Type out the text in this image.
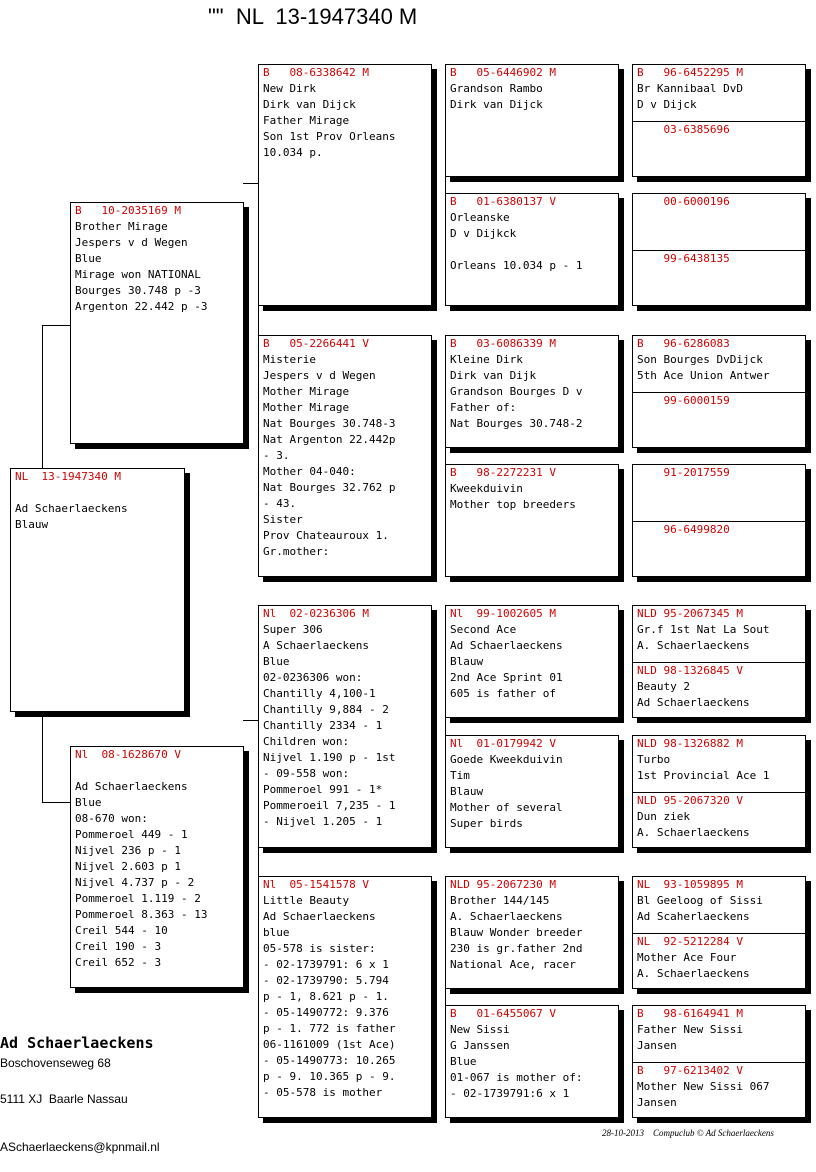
""  NL  13-1947340 M
NL  13-1947340 M

Ad Schaerlaeckens
Blauw
B   10-2035169 M
Brother Mirage
Jespers v d Wegen
Blue
Mirage won NATIONAL
Bourges 30.748 p -3
Argenton 22.442 p -3
Nl  08-1628670 V

Ad Schaerlaeckens
Blue
08-670 won:
Pommeroel 449 - 1
Nijvel 236 p - 1
Nijvel 2.603 p 1
Nijvel 4.737 p - 2
Pommeroel 1.119 - 2
Pommeroel 8.363 - 13
Creil 544 - 10
Creil 190 - 3
Creil 652 - 3
B   08-6338642 M
New Dirk
Dirk van Dijck
Father Mirage
Son 1st Prov Orleans
10.034 p.
B   05-2266441 V
Misterie
Jespers v d Wegen
Mother Mirage
Mother Mirage
Nat Bourges 30.748-3
Nat Argenton 22.442p
- 3.
Mother 04-040:
Nat Bourges 32.762 p
- 43.
Sister
Prov Chateauroux 1.
Gr.mother:
Nl  02-0236306 M
Super 306
A Schaerlaeckens
Blue
02-0236306 won:
Chantilly 4,100-1
Chantilly 9,884 - 2
Chantilly 2334 - 1
Children won:
Nijvel 1.190 p - 1st
- 09-558 won:
Pommeroel 991 - 1*
Pommeroeil 7,235 - 1
- Nijvel 1.205 - 1
Nl  05-1541578 V
Little Beauty
Ad Schaerlaeckens
blue
05-578 is sister:
- 02-1739791: 6 x 1
- 02-1739790: 5.794
p - 1, 8.621 p - 1.
- 05-1490772: 9.376
p - 1. 772 is father
06-1161009 (1st Ace)
- 05-1490773: 10.265
p - 9. 10.365 p - 9.
- 05-578 is mother
B   05-6446902 M
Grandson Rambo
Dirk van Dijck
B   01-6380137 V
Orleanske
D v Dijkck

Orleans 10.034 p - 1
B   03-6086339 M
Kleine Dirk
Dirk van Dijk
Grandson Bourges D v
Father of:
Nat Bourges 30.748-2
B   98-2272231 V
Kweekduivin
Mother top breeders
Nl  99-1002605 M
Second Ace
Ad Schaerlaeckens
Blauw
2nd Ace Sprint 01
605 is father of
Nl  01-0179942 V
Goede Kweekduivin
Tim
Blauw
Mother of several
Super birds
NLD 95-2067230 M
Brother 144/145
A. Schaerlaeckens
Blauw Wonder breeder
230 is gr.father 2nd
National Ace, racer
B   01-6455067 V
New Sissi
G Janssen
Blue
01-067 is mother of:
- 02-1739791:6 x 1
B   96-6452295 M
Br Kannibaal DvD
D v Dijck
03-6385696
00-6000196
99-6438135
B   96-6286083
Son Bourges DvDijck
5th Ace Union Antwer
99-6000159
91-2017559
96-6499820
NLD 95-2067345 M
Gr.f 1st Nat La Sout
A. Schaerlaeckens
NLD 98-1326845 V
Beauty 2
Ad Schaerlaeckens
NLD 98-1326882 M
Turbo
1st Provincial Ace 1
NLD 95-2067320 V
Dun ziek
A. Schaerlaeckens
NL  93-1059895 M
Bl Geeloog of Sissi
Ad Scaherlaeckens
NL  92-5212284 V
Mother Ace Four
A. Schaerlaeckens
B   98-6164941 M
Father New Sissi
Jansen
B   97-6213402 V
Mother New Sissi 067
Jansen
Ad Schaerlaeckens
Boschovenseweg 68

5111 XJ  Baarle Nassau

ASchaerlaeckens@kpnmail.nl
28-10-2013    Compuclub © Ad Schaerlaeckens
